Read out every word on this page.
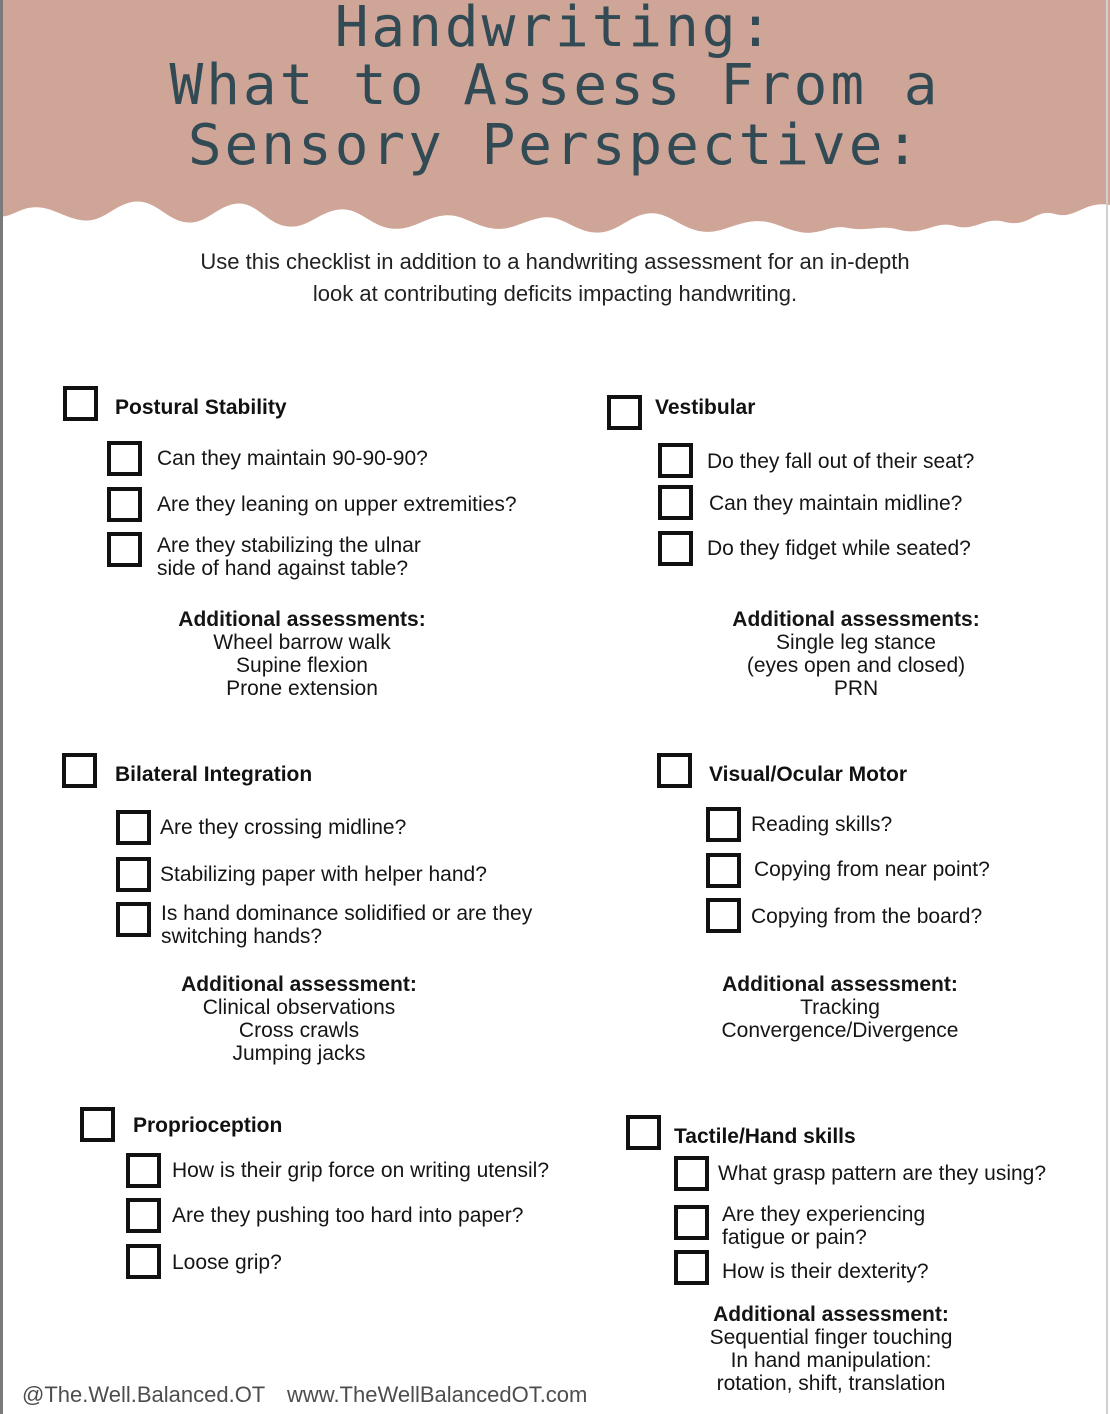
Handwriting:
What to Assess From a
Sensory Perspective:
Use this checklist in addition to a handwriting assessment for an in-depth
look at contributing deficits impacting handwriting.
Postural Stability
Can they maintain 90-90-90?
Are they leaning on upper extremities?
Are they stabilizing the ulnar
side of hand against table?
Additional assessments:
Wheel barrow walk
Supine flexion
Prone extension
Vestibular
Do they fall out of their seat?
Can they maintain midline?
Do they fidget while seated?
Additional assessments:
Single leg stance
(eyes open and closed)
PRN
Bilateral Integration
Are they crossing midline?
Stabilizing paper with helper hand?
Is hand dominance solidified or are they
switching hands?
Additional assessment:
Clinical observations
Cross crawls
Jumping jacks
Visual/Ocular Motor
Reading skills?
Copying from near point?
Copying from the board?
Additional assessment:
Tracking
Convergence/Divergence
Proprioception
How is their grip force on writing utensil?
Are they pushing too hard into paper?
Loose grip?
Tactile/Hand skills
What grasp pattern are they using?
Are they experiencing
fatigue or pain?
How is their dexterity?
Additional assessment:
Sequential finger touching
In hand manipulation:
rotation, shift, translation
@The.Well.Balanced.OT www.TheWellBalancedOT.com
